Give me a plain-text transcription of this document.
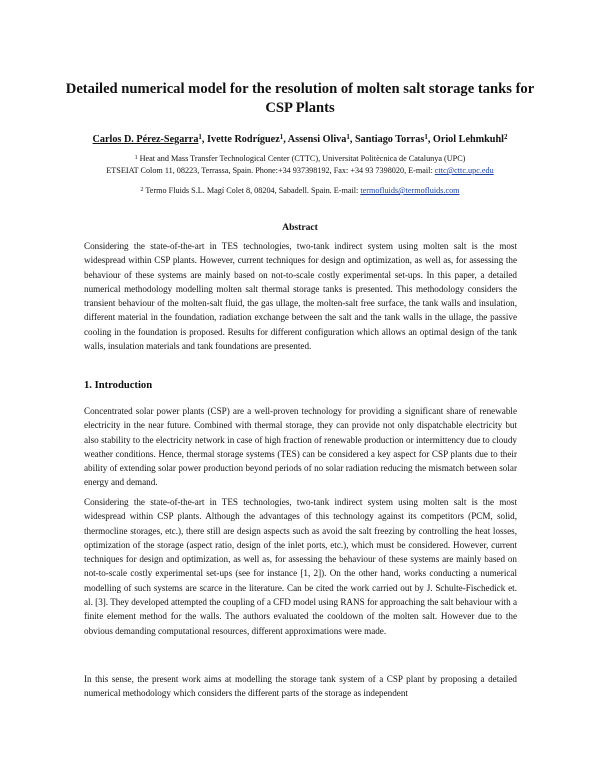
Detailed numerical model for the resolution of molten salt storage tanks for
CSP Plants
Carlos D. Pérez-Segarra$^1$, Ivette Rodríguez$^1$, Assensi Oliva$^1$, Santiago Torras$^1$, Oriol Lehmkuhl$^2$
$^1$ Heat and Mass Transfer Technological Center (CTTC), Universitat Politècnica de Catalunya (UPC)
ETSEIAT Colom 11, 08223, Terrassa, Spain. Phone:+34 937398192, Fax: +34 93 7398020, E-mail: cttc@cttc.upc.edu
$^2$ Termo Fluids S.L. Magí Colet 8, 08204, Sabadell. Spain. E-mail: termofluids@termofluids.com
Abstract

Considering the state-of-the-art in TES technologies, two-tank indirect system using molten salt is the most widespread within CSP plants. However, current techniques for design and optimization, as well as, for assessing the behaviour of these systems are mainly based on not-to-scale costly experimental set-ups. In this paper, a detailed numerical methodology modelling molten salt thermal storage tanks is presented. This methodology considers the transient behaviour of the molten-salt fluid, the gas ullage, the molten-salt free surface, the tank walls and insulation, different material in the foundation, radiation exchange between the salt and the tank walls in the ullage, the passive cooling in the foundation is proposed. Results for different configuration which allows an optimal design of the tank walls, insulation materials and tank foundations are presented.

1. Introduction

Concentrated solar power plants (CSP) are a well-proven technology for providing a significant share of renewable electricity in the near future. Combined with thermal storage, they can provide not only dispatchable electricity but also stability to the electricity network in case of high fraction of renewable production or intermittency due to cloudy weather conditions. Hence, thermal storage systems (TES) can be considered a key aspect for CSP plants due to their ability of extending solar power production beyond periods of no solar radiation reducing the mismatch between solar energy and demand.

Considering the state-of-the-art in TES technologies, two-tank indirect system using molten salt is the most widespread within CSP plants. Although the advantages of this technology against its competitors (PCM, solid, thermocline storages, etc.), there still are design aspects such as avoid the salt freezing by controlling the heat losses, optimization of the storage (aspect ratio, design of the inlet ports, etc.), which must be considered. However, current techniques for design and optimization, as well as, for assessing the behaviour of these systems are mainly based on not-to-scale costly experimental set-ups (see for instance [1, 2]). On the other hand, works conducting a numerical modelling of such systems are scarce in the literature. Can be cited the work carried out by J. Schulte-Fischedick et. al. [3]. They developed attempted the coupling of a CFD model using RANS for approaching the salt behaviour with a finite element method for the walls. The authors evaluated the cooldown of the molten salt. However due to the obvious demanding computational resources, different approximations were made.

In this sense, the present work aims at modelling the storage tank system of a CSP plant by proposing a detailed numerical methodology which considers the different parts of the storage as independent
